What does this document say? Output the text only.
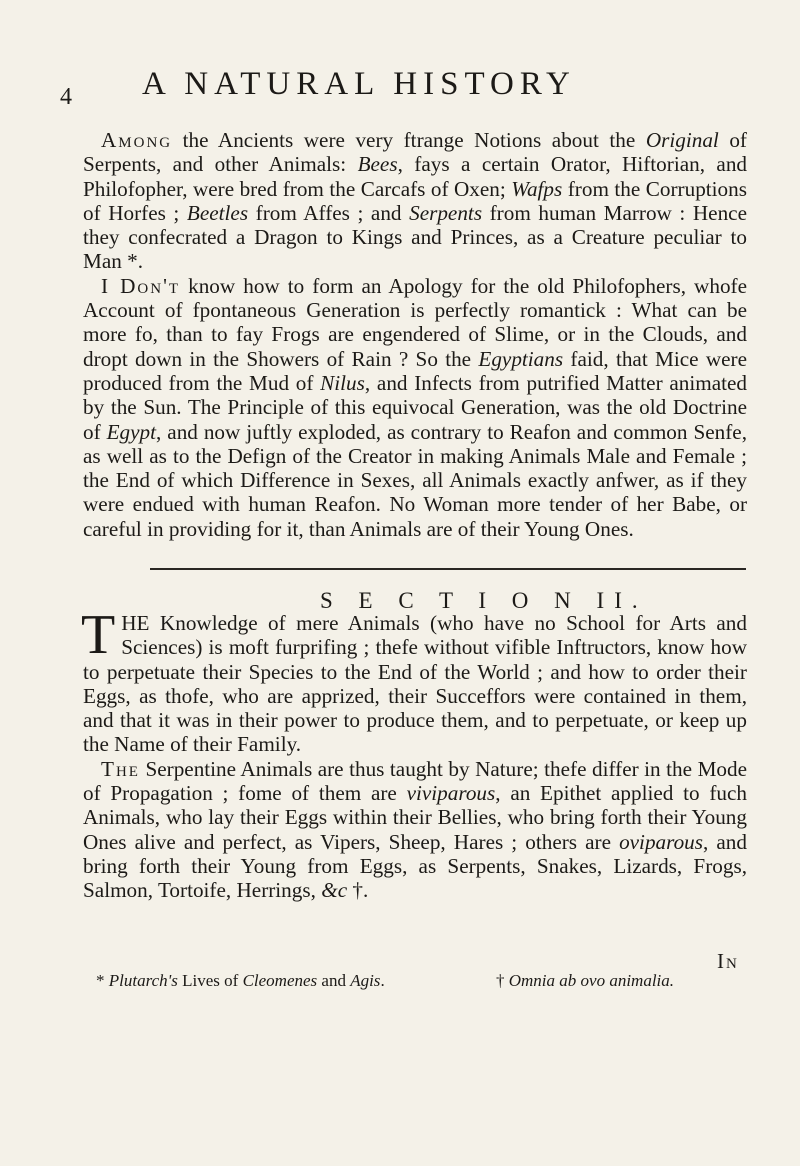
4 A NATURAL HISTORY
Among the Ancients were very ftrange Notions about the Original of Serpents, and other Animals: Bees, fays a certain Orator, Hiftorian, and Philofopher, were bred from the Carcafs of Oxen; Wafps from the Corruptions of Horfes ; Beetles from Affes ; and Serpents from human Marrow : Hence they confecrated a Dragon to Kings and Princes, as a Creature peculiar to Man *.
I Don't know how to form an Apology for the old Philofophers, whofe Account of fpontaneous Generation is perfectly romantick : What can be more fo, than to fay Frogs are engendered of Slime, or in the Clouds, and dropt down in the Showers of Rain ? So the Egyptians faid, that Mice were produced from the Mud of Nilus, and Infects from putrified Matter animated by the Sun. The Principle of this equivocal Generation, was the old Doctrine of Egypt, and now juftly exploded, as contrary to Reafon and common Senfe, as well as to the Defign of the Creator in making Animals Male and Female ; the End of which Difference in Sexes, all Animals exactly anfwer, as if they were endued with human Reafon. No Woman more tender of her Babe, or careful in providing for it, than Animals are of their Young Ones.
S E C T I O N II.
THE Knowledge of mere Animals (who have no School for Arts and Sciences) is moft furprifing ; thefe without vifible Inftructors, know how to perpetuate their Species to the End of the World ; and how to order their Eggs, as thofe, who are apprized, their Succeffors were contained in them, and that it was in their power to produce them, and to perpetuate, or keep up the Name of their Family.
The Serpentine Animals are thus taught by Nature; thefe differ in the Mode of Propagation ; fome of them are viviparous, an Epithet applied to fuch Animals, who lay their Eggs within their Bellies, who bring forth their Young Ones alive and perfect, as Vipers, Sheep, Hares ; others are oviparous, and bring forth their Young from Eggs, as Serpents, Snakes, Lizards, Frogs, Salmon, Tortoife, Herrings, &c †.
In
* Plutarch's Lives of Cleomenes and Agis.	† Omnia ab ovo animalia.
